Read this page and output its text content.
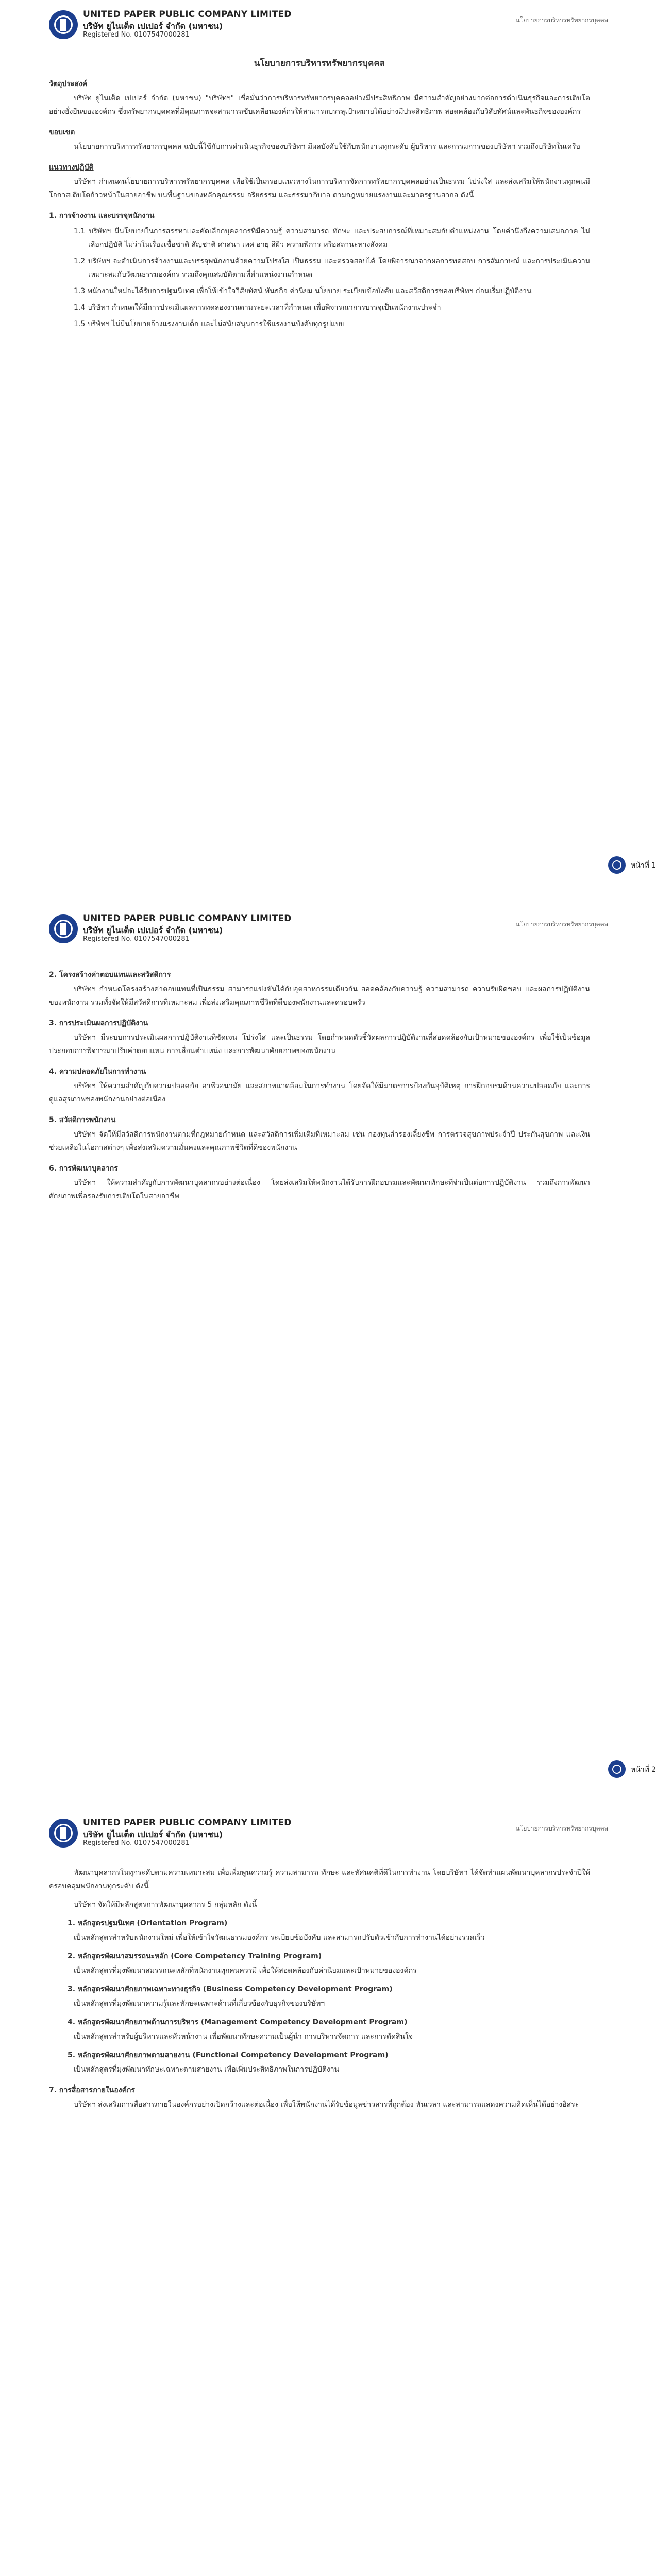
UNITED PAPER PUBLIC COMPANY LIMITED
บริษัท ยูไนเต็ด เปเปอร์ จำกัด (มหาชน)
Registered No. 0107547000281
นโยบายการบริหารทรัพยากรบุคคล
นโยบายการบริหารทรัพยากรบุคคล
วัตถุประสงค์
บริษัท ยูไนเต็ด เปเปอร์ จำกัด (มหาชน) "บริษัทฯ" เชื่อมั่นว่าการบริหารทรัพยากรบุคคลอย่างมีประสิทธิภาพ มีความสำคัญอย่างมากต่อการดำเนินธุรกิจและการเติบโตอย่างยั่งยืนขององค์กร ซึ่งทรัพยากรบุคคลที่มีคุณภาพจะสามารถขับเคลื่อนองค์กรให้สามารถบรรลุเป้าหมายได้อย่างมีประสิทธิภาพ สอดคล้องกับวิสัยทัศน์และพันธกิจขององค์กร
ขอบเขต
นโยบายการบริหารทรัพยากรบุคคล ฉบับนี้ใช้กับการดำเนินธุรกิจของบริษัทฯ มีผลบังคับใช้กับพนักงานทุกระดับ ผู้บริหาร และกรรมการของบริษัทฯ รวมถึงบริษัทในเครือ
แนวทางปฏิบัติ
บริษัทฯ กำหนดนโยบายการบริหารทรัพยากรบุคคล เพื่อใช้เป็นกรอบแนวทางในการบริหารจัดการทรัพยากรบุคคลอย่างเป็นธรรม โปร่งใส และส่งเสริมให้พนักงานทุกคนมีโอกาสเติบโตก้าวหน้าในสายอาชีพ บนพื้นฐานของหลักคุณธรรม จริยธรรม และธรรมาภิบาล ตามกฎหมายแรงงานและมาตรฐานสากล ดังนี้
1. การจ้างงาน และบรรจุพนักงาน
1.1 บริษัทฯ มีนโยบายในการสรรหาและคัดเลือกบุคลากรที่มีความรู้ ความสามารถ ทักษะ และประสบการณ์ที่เหมาะสมกับตำแหน่งงาน โดยคำนึงถึงความเสมอภาค ไม่เลือกปฏิบัติ ไม่ว่าในเรื่องเชื้อชาติ สัญชาติ ศาสนา เพศ อายุ สีผิว ความพิการ หรือสถานะทางสังคม
1.2 บริษัทฯ จะดำเนินการจ้างงานและบรรจุพนักงานด้วยความโปร่งใส เป็นธรรม และตรวจสอบได้ โดยพิจารณาจากผลการทดสอบ การสัมภาษณ์ และการประเมินความเหมาะสมกับวัฒนธรรมองค์กร รวมถึงคุณสมบัติตามที่ตำแหน่งงานกำหนด
1.3 พนักงานใหม่จะได้รับการปฐมนิเทศ เพื่อให้เข้าใจวิสัยทัศน์ พันธกิจ ค่านิยม นโยบาย ระเบียบข้อบังคับ และสวัสดิการของบริษัทฯ ก่อนเริ่มปฏิบัติงาน
1.4 บริษัทฯ กำหนดให้มีการประเมินผลการทดลองงานตามระยะเวลาที่กำหนด เพื่อพิจารณาการบรรจุเป็นพนักงานประจำ
1.5 บริษัทฯ ไม่มีนโยบายจ้างแรงงานเด็ก และไม่สนับสนุนการใช้แรงงานบังคับทุกรูปแบบ
หน้าที่ 1
UNITED PAPER PUBLIC COMPANY LIMITED
บริษัท ยูไนเต็ด เปเปอร์ จำกัด (มหาชน)
Registered No. 0107547000281
นโยบายการบริหารทรัพยากรบุคคล
2. โครงสร้างค่าตอบแทนและสวัสดิการ
บริษัทฯ กำหนดโครงสร้างค่าตอบแทนที่เป็นธรรม สามารถแข่งขันได้กับอุตสาหกรรมเดียวกัน สอดคล้องกับความรู้ ความสามารถ ความรับผิดชอบ และผลการปฏิบัติงานของพนักงาน รวมทั้งจัดให้มีสวัสดิการที่เหมาะสม เพื่อส่งเสริมคุณภาพชีวิตที่ดีของพนักงานและครอบครัว
3. การประเมินผลการปฏิบัติงาน
บริษัทฯ มีระบบการประเมินผลการปฏิบัติงานที่ชัดเจน โปร่งใส และเป็นธรรม โดยกำหนดตัวชี้วัดผลการปฏิบัติงานที่สอดคล้องกับเป้าหมายขององค์กร เพื่อใช้เป็นข้อมูลประกอบการพิจารณาปรับค่าตอบแทน การเลื่อนตำแหน่ง และการพัฒนาศักยภาพของพนักงาน
4. ความปลอดภัยในการทำงาน
บริษัทฯ ให้ความสำคัญกับความปลอดภัย อาชีวอนามัย และสภาพแวดล้อมในการทำงาน โดยจัดให้มีมาตรการป้องกันอุบัติเหตุ การฝึกอบรมด้านความปลอดภัย และการดูแลสุขภาพของพนักงานอย่างต่อเนื่อง
5. สวัสดิการพนักงาน
บริษัทฯ จัดให้มีสวัสดิการพนักงานตามที่กฎหมายกำหนด และสวัสดิการเพิ่มเติมที่เหมาะสม เช่น กองทุนสำรองเลี้ยงชีพ การตรวจสุขภาพประจำปี ประกันสุขภาพ และเงินช่วยเหลือในโอกาสต่างๆ เพื่อส่งเสริมความมั่นคงและคุณภาพชีวิตที่ดีของพนักงาน
6. การพัฒนาบุคลากร
บริษัทฯ ให้ความสำคัญกับการพัฒนาบุคลากรอย่างต่อเนื่อง โดยส่งเสริมให้พนักงานได้รับการฝึกอบรมและพัฒนาทักษะที่จำเป็นต่อการปฏิบัติงาน รวมถึงการพัฒนาศักยภาพเพื่อรองรับการเติบโตในสายอาชีพ
หน้าที่ 2
UNITED PAPER PUBLIC COMPANY LIMITED
บริษัท ยูไนเต็ด เปเปอร์ จำกัด (มหาชน)
Registered No. 0107547000281
นโยบายการบริหารทรัพยากรบุคคล
พัฒนาบุคลากรในทุกระดับตามความเหมาะสม เพื่อเพิ่มพูนความรู้ ความสามารถ ทักษะ และทัศนคติที่ดีในการทำงาน โดยบริษัทฯ ได้จัดทำแผนพัฒนาบุคลากรประจำปีให้ครอบคลุมพนักงานทุกระดับ ดังนี้
บริษัทฯ จัดให้มีหลักสูตรการพัฒนาบุคลากร 5 กลุ่มหลัก ดังนี้
1. หลักสูตรปฐมนิเทศ (Orientation Program)
เป็นหลักสูตรสำหรับพนักงานใหม่ เพื่อให้เข้าใจวัฒนธรรมองค์กร ระเบียบข้อบังคับ และสามารถปรับตัวเข้ากับการทำงานได้อย่างรวดเร็ว
2. หลักสูตรพัฒนาสมรรถนะหลัก (Core Competency Training Program)
เป็นหลักสูตรที่มุ่งพัฒนาสมรรถนะหลักที่พนักงานทุกคนควรมี เพื่อให้สอดคล้องกับค่านิยมและเป้าหมายขององค์กร
3. หลักสูตรพัฒนาศักยภาพเฉพาะทางธุรกิจ (Business Competency Development Program)
เป็นหลักสูตรที่มุ่งพัฒนาความรู้และทักษะเฉพาะด้านที่เกี่ยวข้องกับธุรกิจของบริษัทฯ
4. หลักสูตรพัฒนาศักยภาพด้านการบริหาร (Management Competency Development Program)
เป็นหลักสูตรสำหรับผู้บริหารและหัวหน้างาน เพื่อพัฒนาทักษะความเป็นผู้นำ การบริหารจัดการ และการตัดสินใจ
5. หลักสูตรพัฒนาศักยภาพตามสายงาน (Functional Competency Development Program)
เป็นหลักสูตรที่มุ่งพัฒนาทักษะเฉพาะตามสายงาน เพื่อเพิ่มประสิทธิภาพในการปฏิบัติงาน
7. การสื่อสารภายในองค์กร
บริษัทฯ ส่งเสริมการสื่อสารภายในองค์กรอย่างเปิดกว้างและต่อเนื่อง เพื่อให้พนักงานได้รับข้อมูลข่าวสารที่ถูกต้อง ทันเวลา และสามารถแสดงความคิดเห็นได้อย่างอิสระ
